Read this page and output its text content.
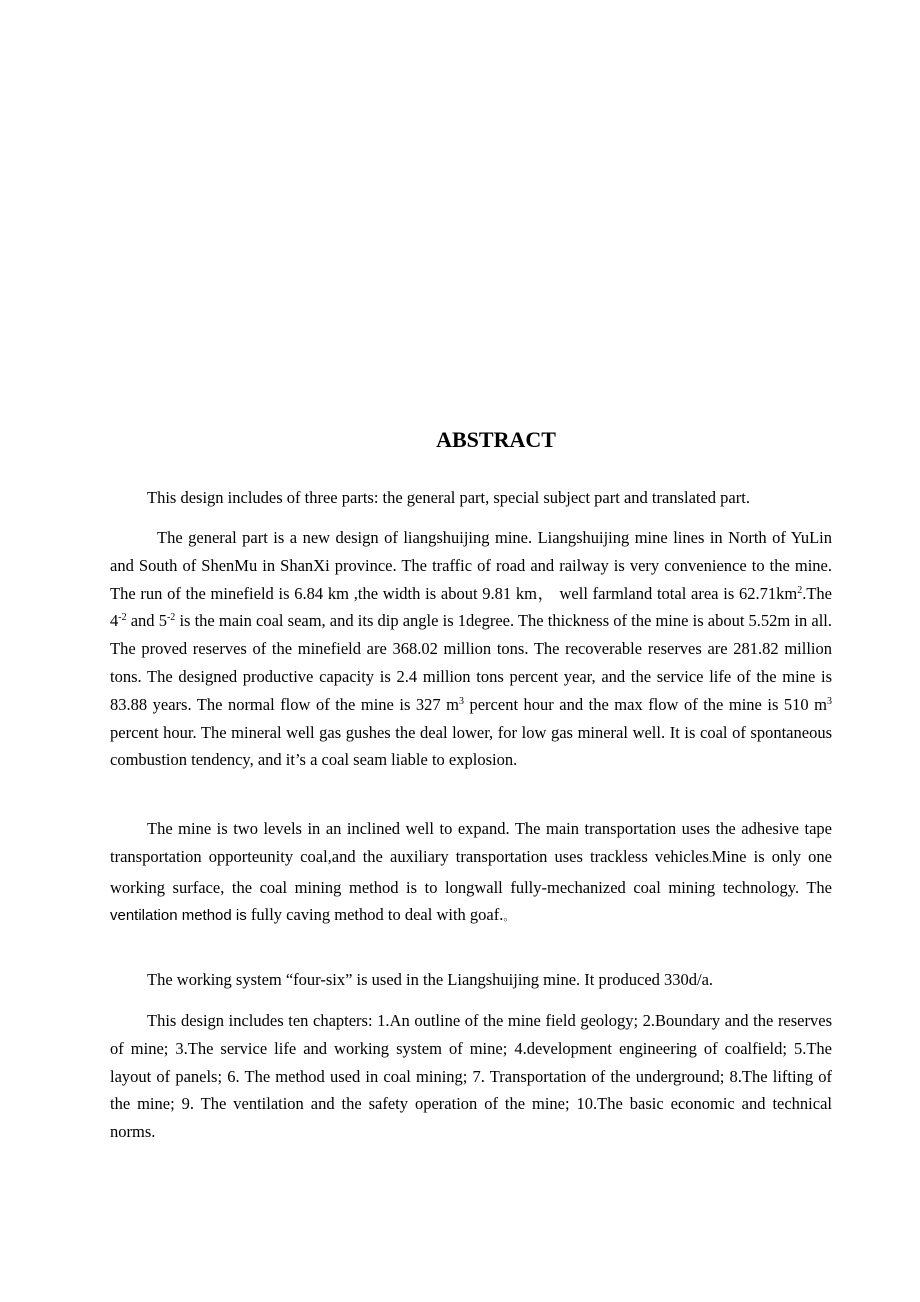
ABSTRACT

This design includes of three parts: the general part, special subject part and translated part.

The general part is a new design of liangshuijing mine. Liangshuijing mine lines in North of YuLin and South of ShenMu in ShanXi province. The traffic of road and railway is very convenience to the mine. The run of the minefield is 6.84 km ,the width is about 9.81 km， well farmland total area is $62.71km^2.The$ $4^{-2}$ and $5^{-2}$ is the main coal seam, and its dip angle is 1degree. The thickness of the mine is about 5.52m in all. The proved reserves of the minefield are 368.02 million tons. The recoverable reserves are 281.82 million tons. The designed productive capacity is 2.4 million tons percent year, and the service life of the mine is 83.88 years. The normal flow of the mine is 327 $m^3$ percent hour and the max flow of the mine is 510 $m^3$ percent hour. The mineral well gas gushes the deal lower, for low gas mineral well. It is coal of spontaneous combustion tendency, and it’s a coal seam liable to explosion.

The mine is two levels in an inclined well to expand. The main transportation uses the adhesive tape transportation opporteunity coal,and the auxiliary transportation uses trackless vehicles.Mine is only one working surface, the coal mining method is to longwall fully-mechanized coal mining technology. The ventilation method is fully caving method to deal with goaf.。

The working system “four-six” is used in the Liangshuijing mine. It produced 330d/a.

This design includes ten chapters: 1.An outline of the mine field geology; 2.Boundary and the reserves of mine; 3.The service life and working system of mine; 4.development engineering of coalfield; 5.The layout of panels; 6. The method used in coal mining; 7. Transportation of the underground; 8.The lifting of the mine; 9. The ventilation and the safety operation of the mine; 10.The basic economic and technical norms.
